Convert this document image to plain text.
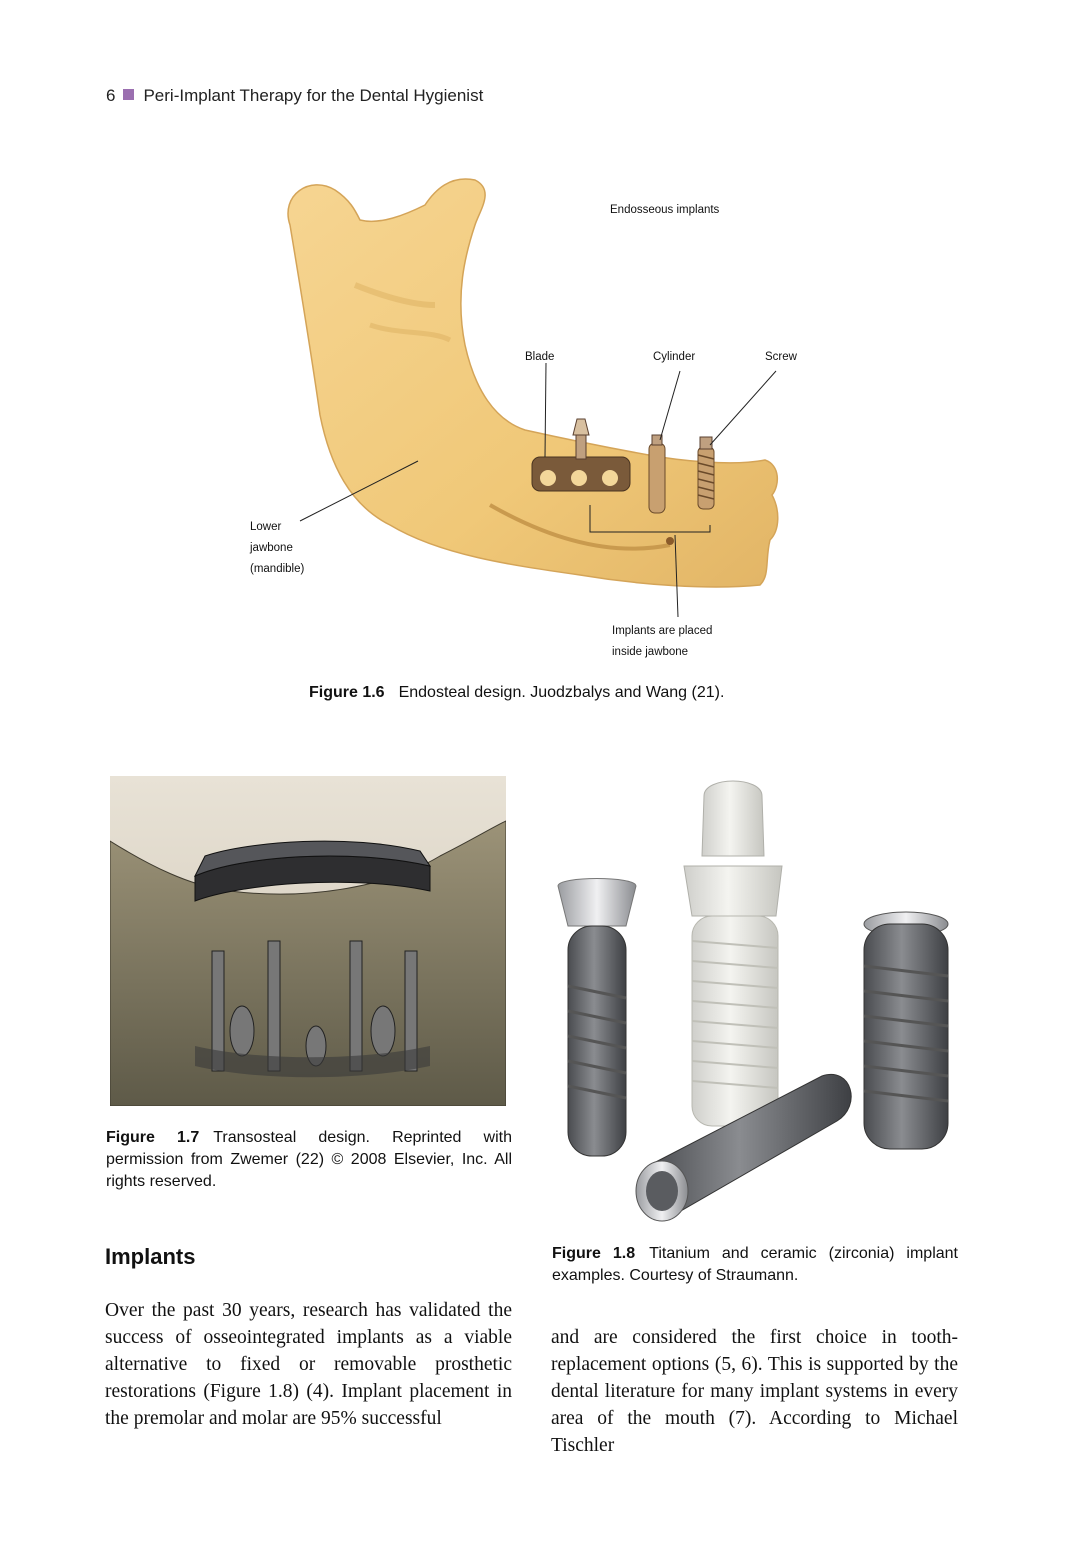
6 Peri-Implant Therapy for the Dental Hygienist
Endosseous implants
Blade	Cylinder	Screw
Lower
jawbone
(mandible)
Implants are placed
inside jawbone
Figure 1.6 Endosteal design. Juodzbalys and Wang (21).
Figure 1.7 Transosteal design. Reprinted with permission from Zwemer (22) © 2008 Elsevier, Inc. All rights reserved.
Figure 1.8 Titanium and ceramic (zirconia) implant examples. Courtesy of Straumann.
Implants
Over the past 30 years, research has validated the success of osseointegrated implants as a viable alternative to fixed or removable prosthetic restorations (Figure 1.8) (4). Implant placement in the premolar and molar are 95% successful
and are considered the first choice in tooth-replacement options (5, 6). This is supported by the dental literature for many implant systems in every area of the mouth (7). According to Michael Tischler
